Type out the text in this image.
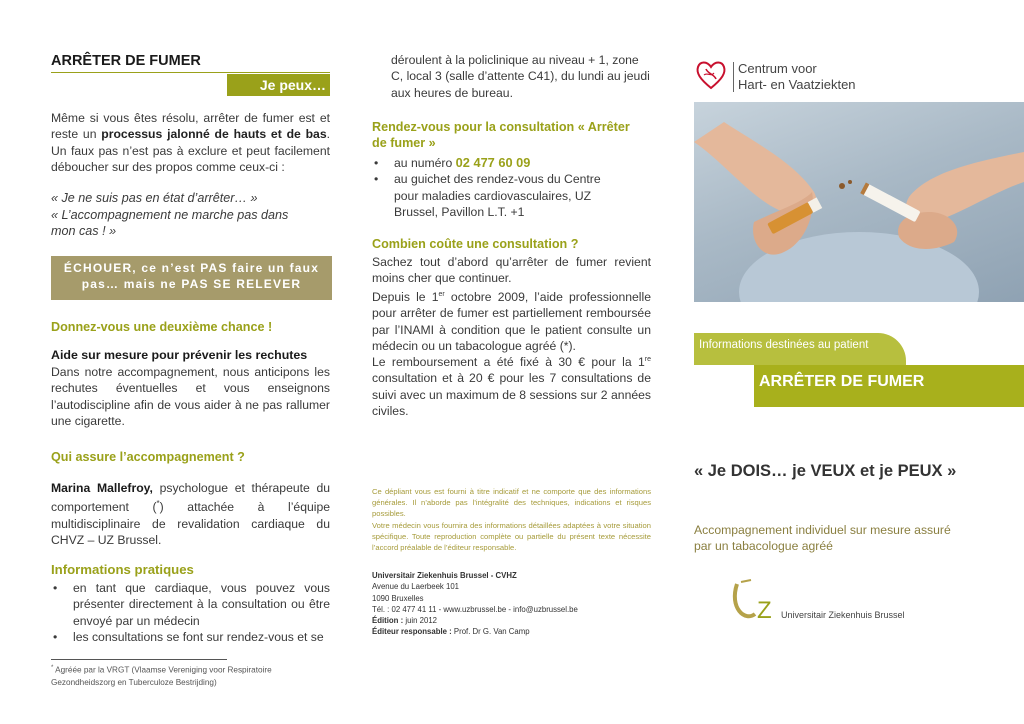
ARRÊTER DE FUMER
Je peux… tenir

Même si vous êtes résolu, arrêter de fumer est et reste un processus jalonné de hauts et de bas. Un faux pas n’est pas à exclure et peut facilement déboucher sur des propos comme ceux-ci :

« Je ne suis pas en état d’arrêter… »

« L’accompagnement ne marche pas dans mon cas ! »

ÉCHOUER, ce n’est PAS faire un faux pas… mais ne PAS SE RELEVER

Donnez-vous une deuxième chance !

Aide sur mesure pour prévenir les rechutes

Dans notre accompagnement, nous anticipons les rechutes éventuelles et vous enseignons l’autodiscipline afin de vous aider à ne pas rallumer une cigarette.

Qui assure l’accompagnement ?

Marina Mallefroy, psychologue et thérapeute du comportement (*) attachée à l’équipe multidisciplinaire de revalidation cardiaque du CHVZ – UZ Brussel.

Informations pratiques

• en tant que cardiaque, vous pouvez vous présenter directement à la consultation ou être envoyé par un médecin
• les consultations se font sur rendez-vous et se

* Agréée par la VRGT (Vlaamse Vereniging voor Respiratoire Gezondheidszorg en Tuberculoze Bestrijding)

déroulent à la policlinique au niveau + 1, zone C, local 3 (salle d’attente C41), du lundi au jeudi aux heures de bureau.

Rendez-vous pour la consultation « Arrêter de fumer »

• au numéro 02 477 60 09
• au guichet des rendez-vous du Centre pour maladies cardiovasculaires, UZ Brussel, Pavillon L.T. +1

Combien coûte une consultation ?

Sachez tout d’abord qu’arrêter de fumer revient moins cher que continuer.

Depuis le 1er octobre 2009, l’aide professionnelle pour arrêter de fumer est partiellement remboursée par l’INAMI à condition que le patient consulte un médecin ou un tabacologue agréé (*).

Le remboursement a été fixé à 30 € pour la 1re consultation et à 20 € pour les 7 consultations de suivi avec un maximum de 8 sessions sur 2 années civiles.

Ce dépliant vous est fourni à titre indicatif et ne comporte que des informations générales. Il n’aborde pas l’intégralité des techniques, indications et risques possibles.

Votre médecin vous fournira des informations détaillées adaptées à votre situation spécifique. Toute reproduction complète ou partielle du présent texte nécessite l’accord préalable de l’éditeur responsable.

Universitair Ziekenhuis Brussel - CVHZ
Avenue du Laerbeek 101
1090 Bruxelles
Tél. : 02 477 41 11 - www.uzbrussel.be - info@uzbrussel.be
Édition : juin 2012
Éditeur responsable : Prof. Dr G. Van Camp
Centrum voor
Hart- en Vaatziekten
Informations destinées au patient
ARRÊTER DE FUMER
« Je DOIS… je VEUX et je PEUX »
Accompagnement individuel sur mesure assuré par un tabacologue agréé
Z Universitair Ziekenhuis Brussel
